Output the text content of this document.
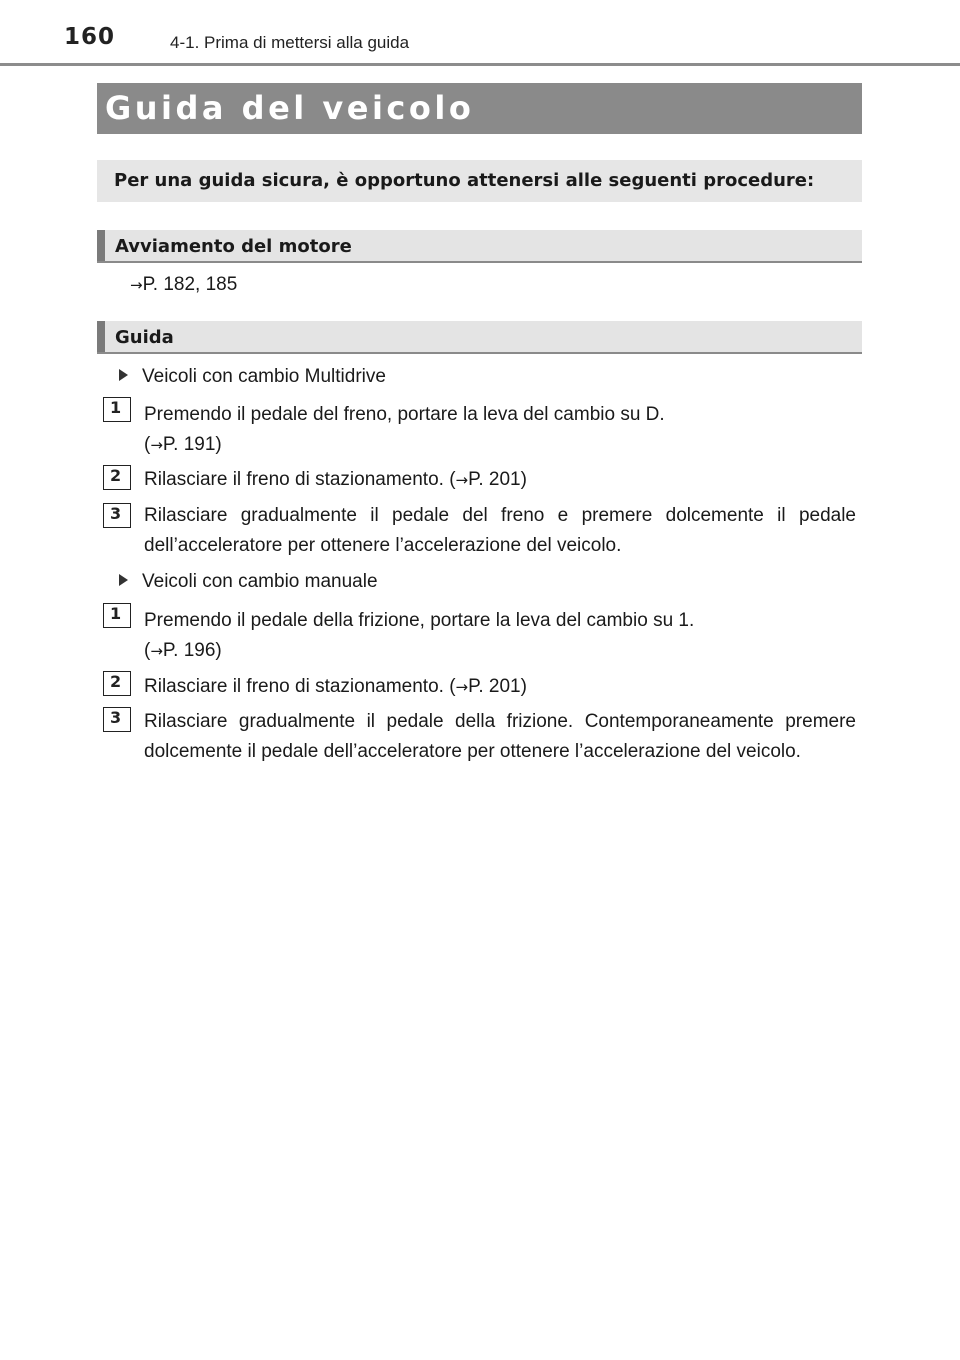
160	4-1. Prima di mettersi alla guida
Guida del veicolo
Per una guida sicura, è opportuno attenersi alle seguenti procedure:
Avviamento del motore
→P. 182, 185
Guida
Veicoli con cambio Multidrive
1 Premendo il pedale del freno, portare la leva del cambio su D.
(→P. 191)
2 Rilasciare il freno di stazionamento. (→P. 201)
3 Rilasciare gradualmente il pedale del freno e premere dolcemente il pedale dell’acceleratore per ottenere l’accelerazione del veicolo.
Veicoli con cambio manuale
1 Premendo il pedale della frizione, portare la leva del cambio su 1.
(→P. 196)
2 Rilasciare il freno di stazionamento. (→P. 201)
3 Rilasciare gradualmente il pedale della frizione. Contemporaneamente premere dolcemente il pedale dell’acceleratore per ottenere l’accelerazione del veicolo.
